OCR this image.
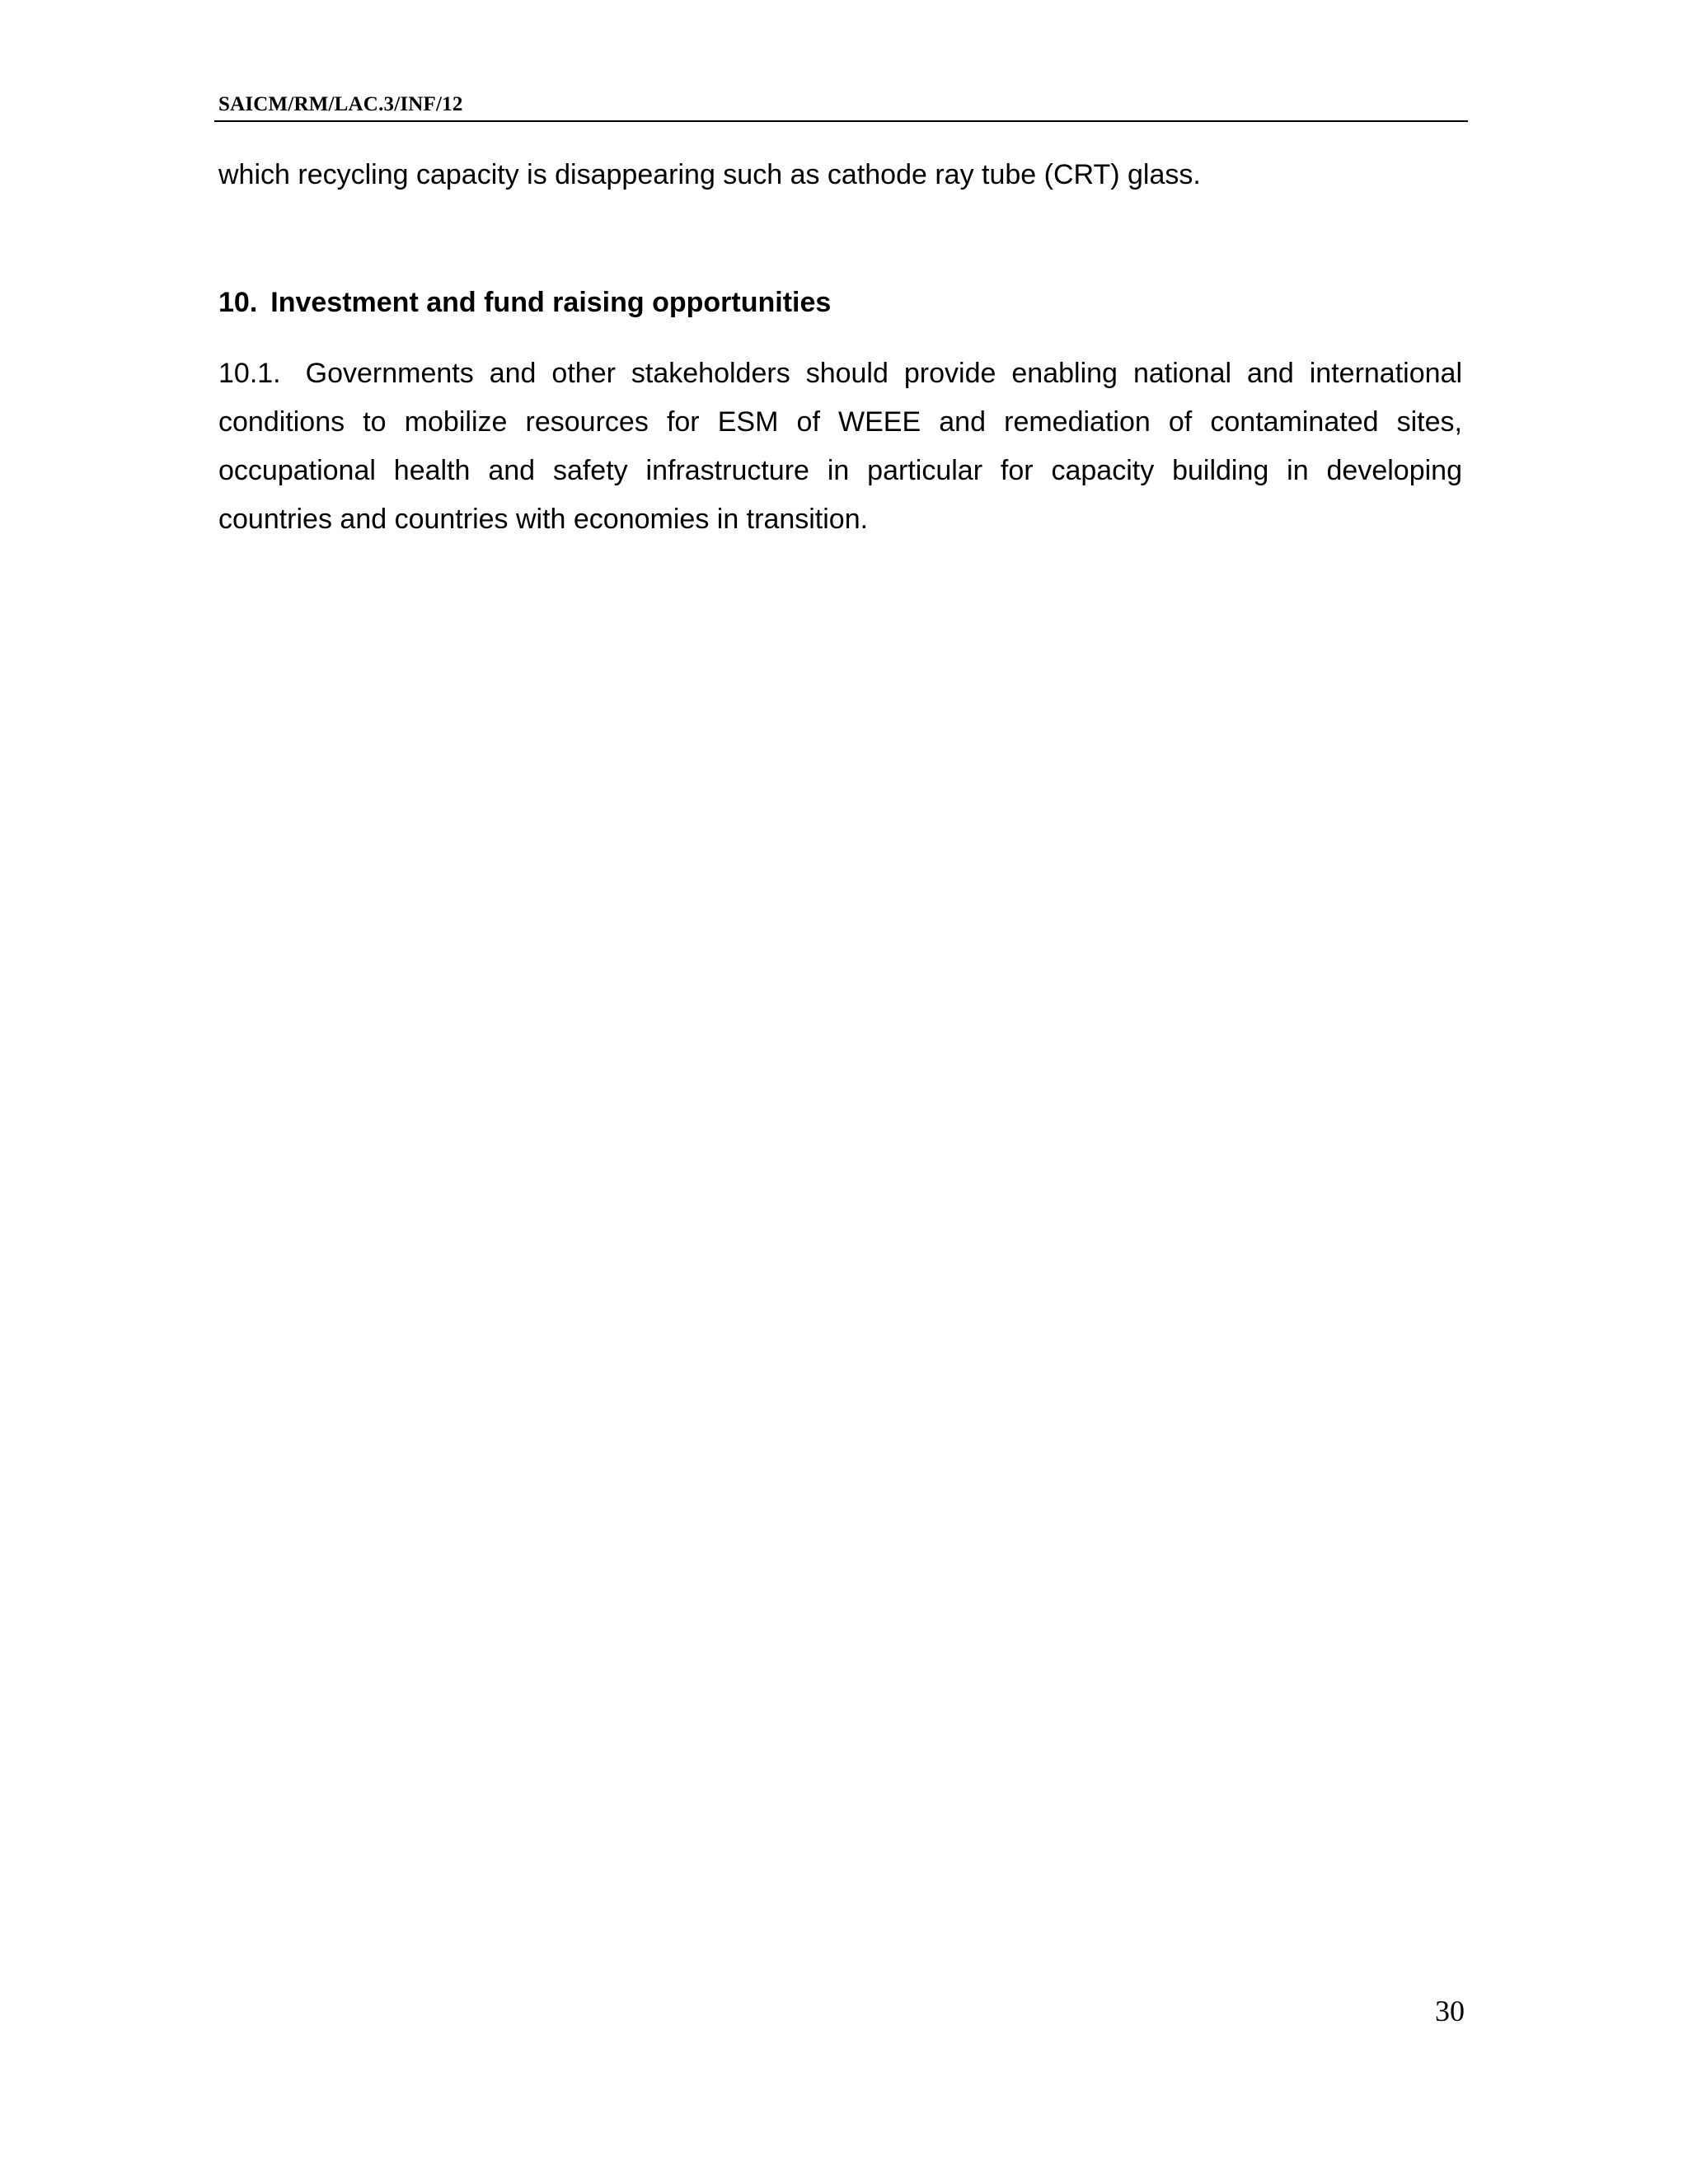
SAICM/RM/LAC.3/INF/12
which recycling capacity is disappearing such as cathode ray tube (CRT) glass.
10. Investment and fund raising opportunities

10.1. Governments and other stakeholders should provide enabling national and international conditions to mobilize resources for ESM of WEEE and remediation of contaminated sites, occupational health and safety infrastructure in particular for capacity building in developing countries and countries with economies in transition.

30
